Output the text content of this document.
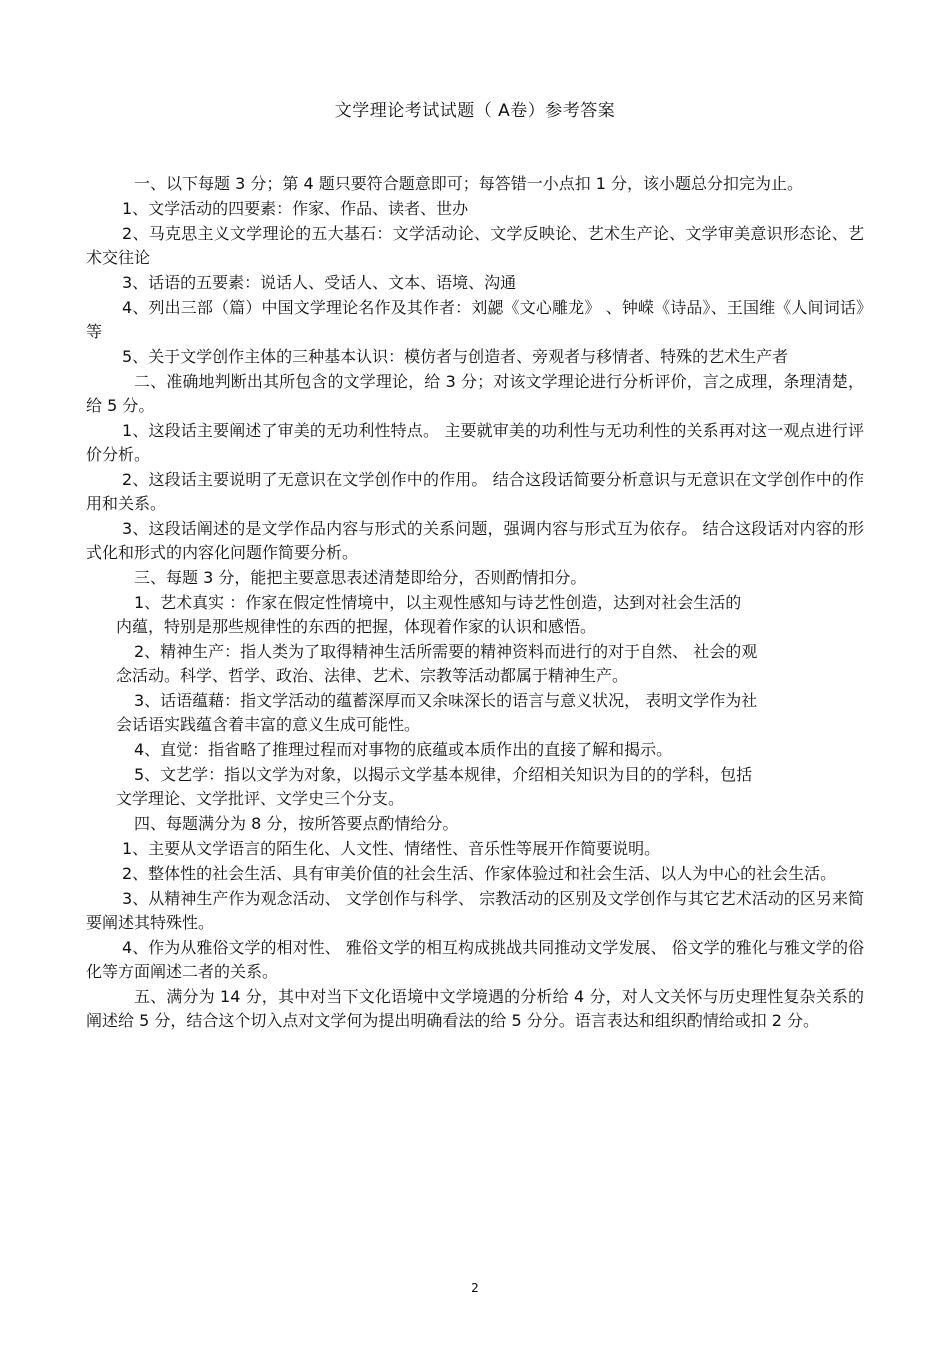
文学理论考试试题（ A卷）参考答案

一、以下每题 3 分；第 4 题只要符合题意即可；每答错一小点扣 1 分，该小题总分扣完为止。

1、文学活动的四要素：作家、作品、读者、世办

2、马克思主义文学理论的五大基石：文学活动论、文学反映论、艺术生产论、文学审美意识形态论、艺术交往论

3、话语的五要素：说话人、受话人、文本、语境、沟通

4、列出三部（篇）中国文学理论名作及其作者：刘勰《文心雕龙》 、钟嵘《诗品》、王国维《人间词话》等

5、关于文学创作主体的三种基本认识：模仿者与创造者、旁观者与移情者、特殊的艺术生产者

二、准确地判断出其所包含的文学理论，给 3 分；对该文学理论进行分析评价，言之成理，条理清楚，给 5 分。

1、这段话主要阐述了审美的无功利性特点。 主要就审美的功利性与无功利性的关系再对这一观点进行评价分析。

2、这段话主要说明了无意识在文学创作中的作用。 结合这段话简要分析意识与无意识在文学创作中的作用和关系。

3、这段话阐述的是文学作品内容与形式的关系问题，强调内容与形式互为依存。 结合这段话对内容的形式化和形式的内容化问题作简要分析。

三、每题 3 分，能把主要意思表述清楚即给分，否则酌情扣分。

1、艺术真实 ：作家在假定性情境中，以主观性感知与诗艺性创造，达到对社会生活的
内蕴，特别是那些规律性的东西的把握，体现着作家的认识和感悟。

2、精神生产：指人类为了取得精神生活所需要的精神资料而进行的对于自然、 社会的观
念活动。科学、哲学、政治、法律、艺术、宗教等活动都属于精神生产。

3、话语蕴藉：指文学活动的蕴蓄深厚而又余味深长的语言与意义状况， 表明文学作为社
会话语实践蕴含着丰富的意义生成可能性。

4、直觉：指省略了推理过程而对事物的底蕴或本质作出的直接了解和揭示。

5、文艺学：指以文学为对象，以揭示文学基本规律，介绍相关知识为目的的学科，包括
文学理论、文学批评、文学史三个分支。

四、每题满分为 8 分，按所答要点酌情给分。

1、主要从文学语言的陌生化、人文性、情绪性、音乐性等展开作简要说明。

2、整体性的社会生活、具有审美价值的社会生活、作家体验过和社会生活、以人为中心的社会生活。

3、从精神生产作为观念活动、 文学创作与科学、 宗教活动的区别及文学创作与其它艺术活动的区另来简要阐述其特殊性。

4、作为从雅俗文学的相对性、 雅俗文学的相互构成挑战共同推动文学发展、 俗文学的雅化与雅文学的俗化等方面阐述二者的关系。

五、满分为 14 分，其中对当下文化语境中文学境遇的分析给 4 分，对人文关怀与历史理性复杂关系的阐述给 5 分，结合这个切入点对文学何为提出明确看法的给 5 分分。语言表达和组织酌情给或扣 2 分。

2
